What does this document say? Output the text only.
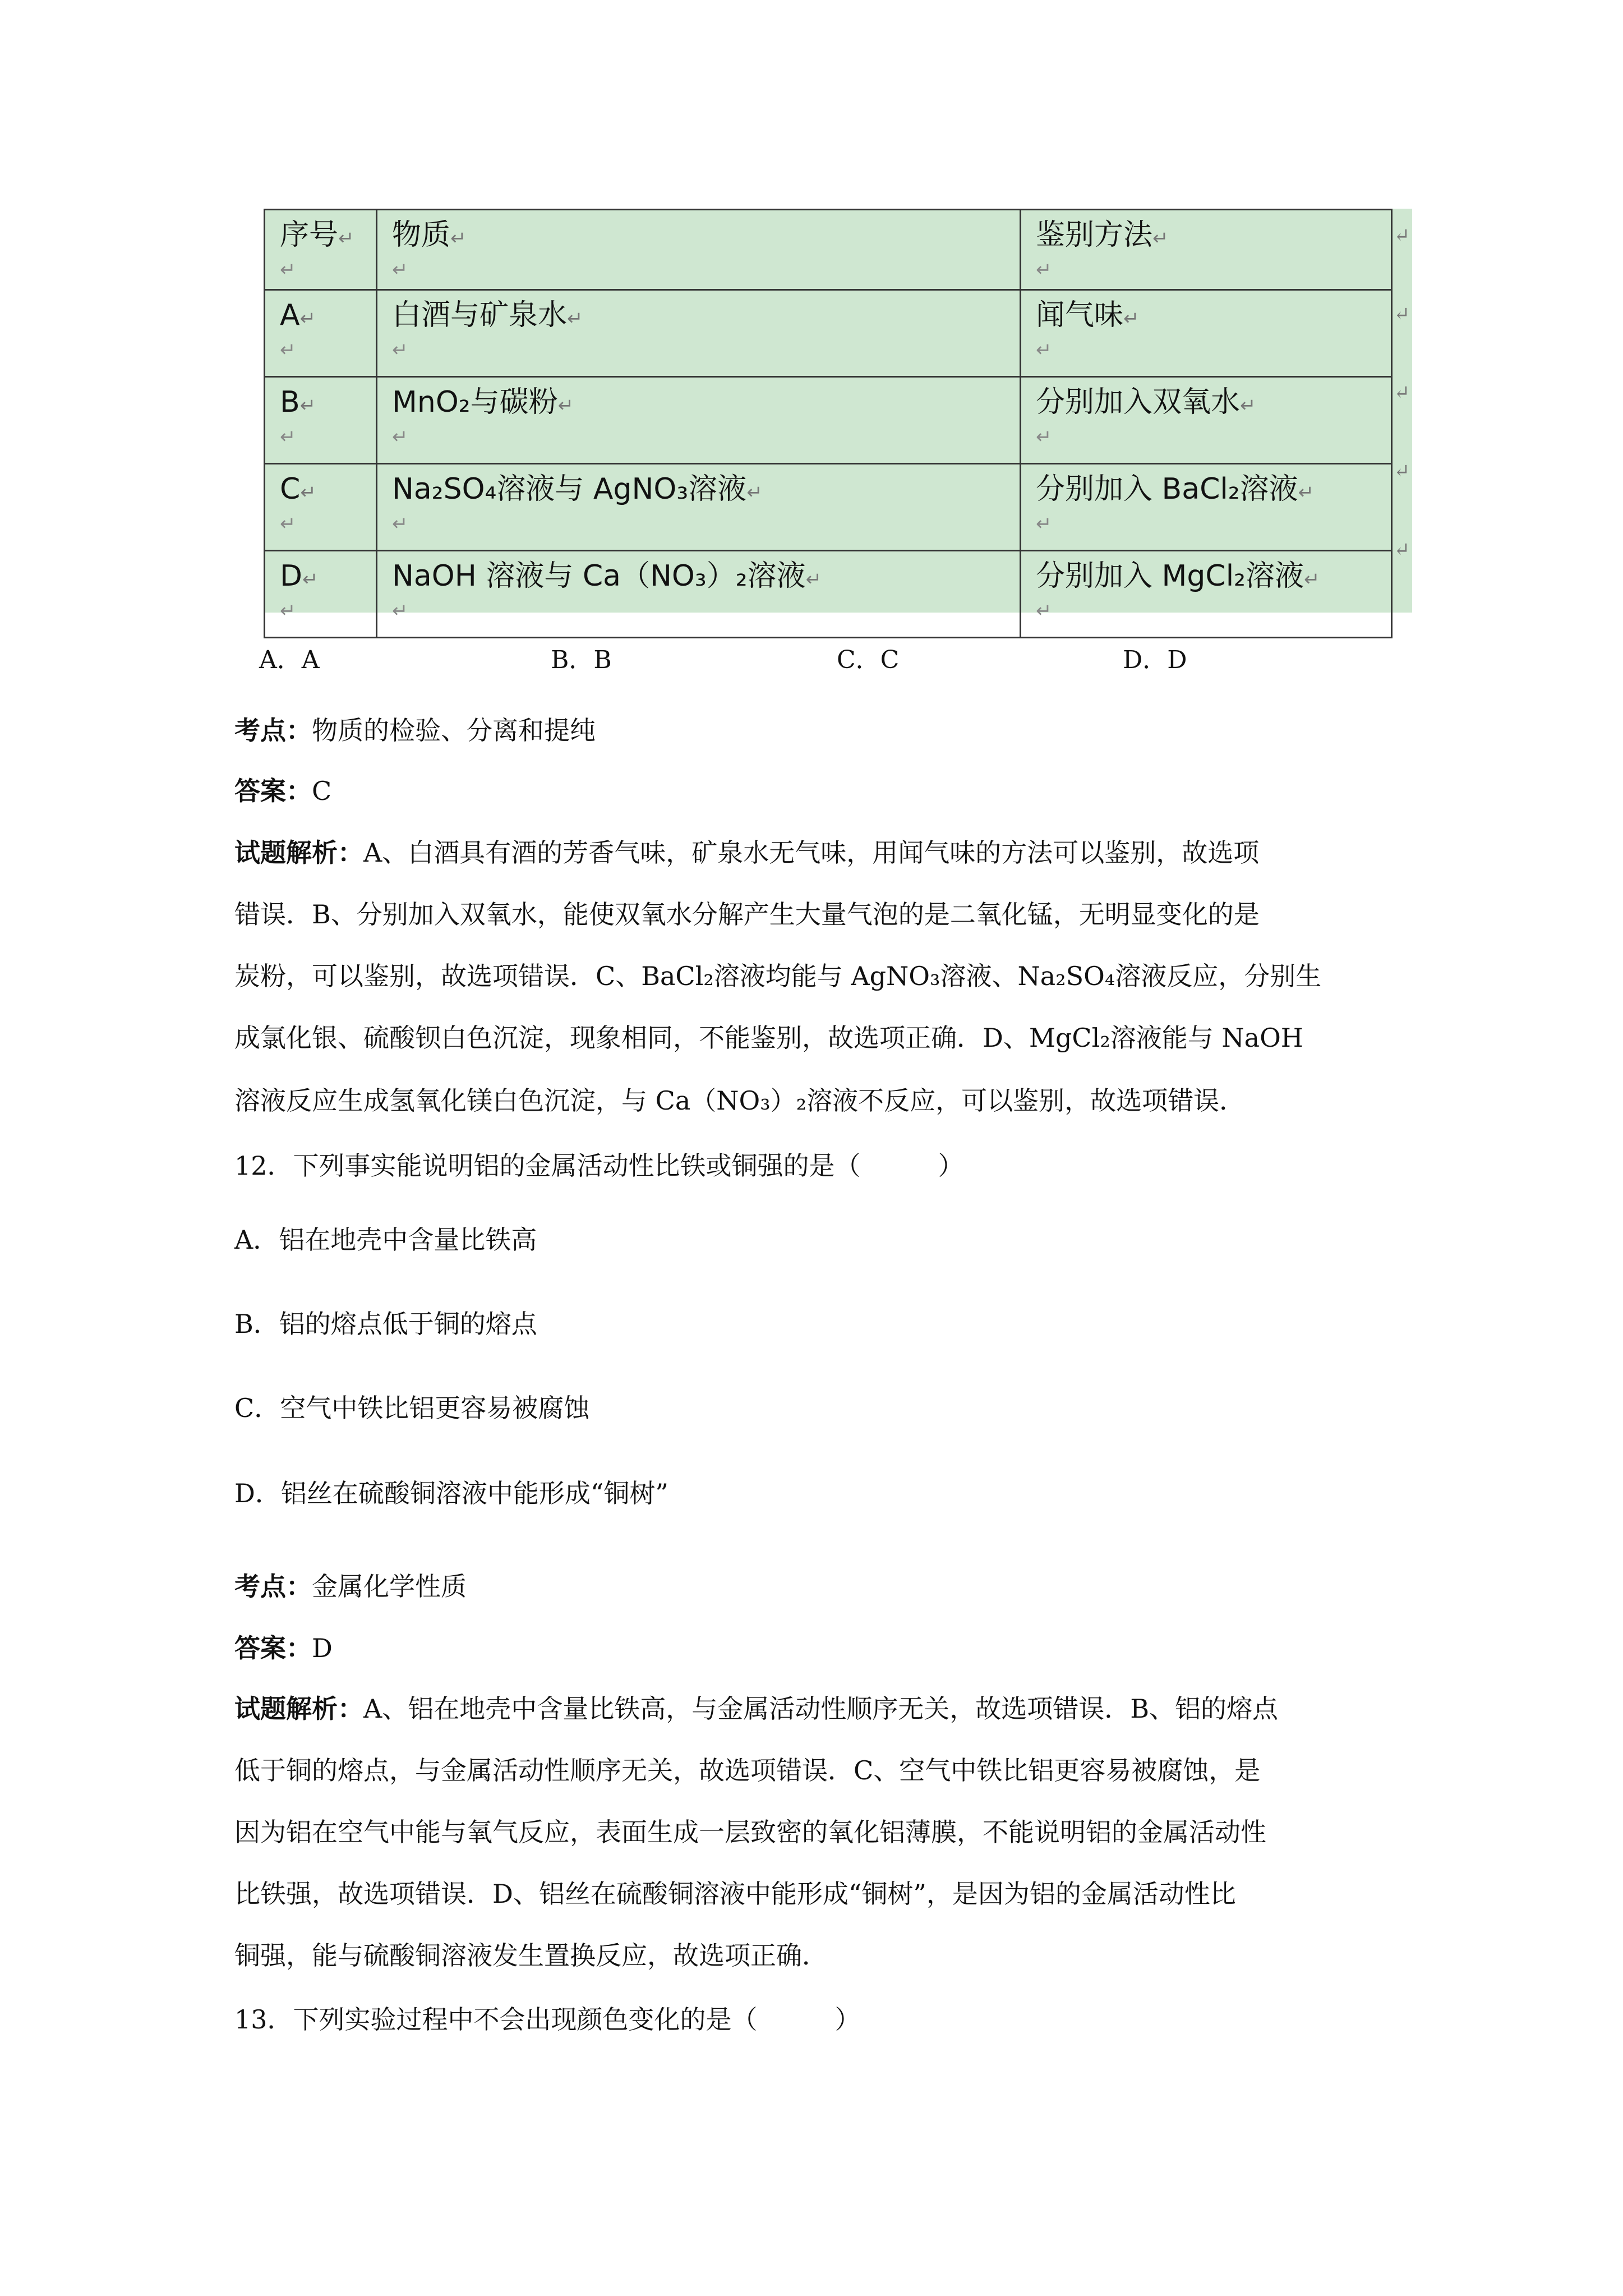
序号↵
↵	物质↵
↵	鉴别方法↵
↵

A↵
↵	白酒与矿泉水↵
↵	闻气味↵
↵

B↵
↵	MnO₂与碳粉↵
↵	分别加入双氧水↵
↵

C↵
↵	Na₂SO₄溶液与 AgNO₃溶液↵
↵	分别加入 BaCl₂溶液↵
↵

D↵
↵	NaOH 溶液与 Ca（NO₃）₂溶液↵
↵	分别加入 MgCl₂溶液↵
↵
↵
↵
↵
↵
↵
A．A	B．B	C．C	D．D
考点：物质的检验、分离和提纯
答案：C
试题解析：A、白酒具有酒的芳香气味，矿泉水无气味，用闻气味的方法可以鉴别，故选项
错误．B、分别加入双氧水，能使双氧水分解产生大量气泡的是二氧化锰，无明显变化的是
炭粉，可以鉴别，故选项错误．C、BaCl₂溶液均能与 AgNO₃溶液、Na₂SO₄溶液反应，分别生
成氯化银、硫酸钡白色沉淀，现象相同，不能鉴别，故选项正确．D、MgCl₂溶液能与 NaOH
溶液反应生成氢氧化镁白色沉淀，与 Ca（NO₃）₂溶液不反应，可以鉴别，故选项错误．
12．下列事实能说明铝的金属活动性比铁或铜强的是（　　　）
A．铝在地壳中含量比铁高
B．铝的熔点低于铜的熔点
C．空气中铁比铝更容易被腐蚀
D．铝丝在硫酸铜溶液中能形成“铜树”
考点：金属化学性质
答案：D
试题解析：A、铝在地壳中含量比铁高，与金属活动性顺序无关，故选项错误．B、铝的熔点
低于铜的熔点，与金属活动性顺序无关，故选项错误．C、空气中铁比铝更容易被腐蚀，是
因为铝在空气中能与氧气反应，表面生成一层致密的氧化铝薄膜，不能说明铝的金属活动性
比铁强，故选项错误．D、铝丝在硫酸铜溶液中能形成“铜树”，是因为铝的金属活动性比
铜强，能与硫酸铜溶液发生置换反应，故选项正确．
13．下列实验过程中不会出现颜色变化的是（　　　）
